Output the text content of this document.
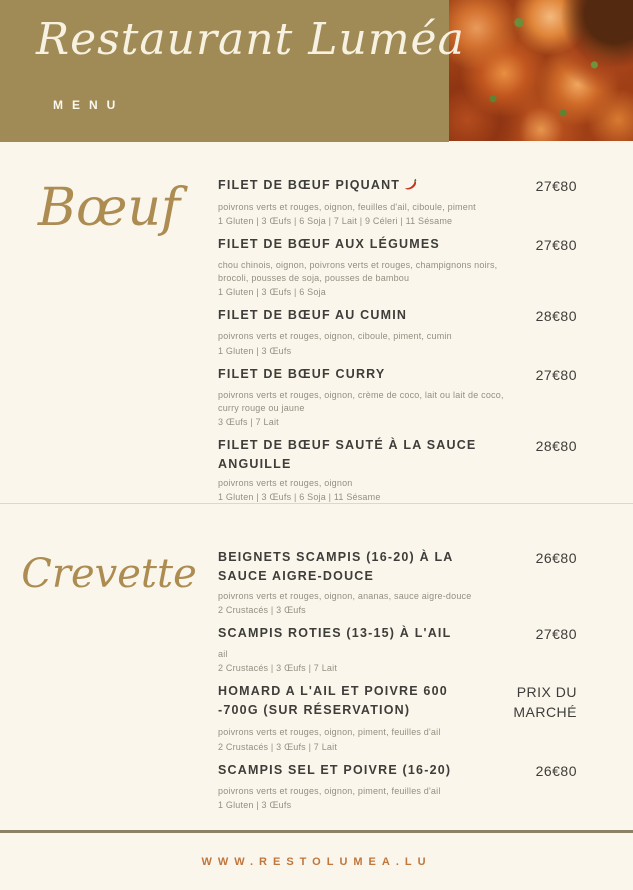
Restaurant Luméa
MENU
Bœuf	FILET DE BŒUF PIQUANT	27€80
poivrons verts et rouges, oignon, feuilles d'ail, ciboule, piment
1 Gluten | 3 Œufs | 6 Soja | 7 Lait | 9 Céleri | 11 Sésame
FILET DE BŒUF AUX LÉGUMES	27€80
chou chinois, oignon, poivrons verts et rouges, champignons noirs, brocoli, pousses de soja, pousses de bambou
1 Gluten | 3 Œufs | 6 Soja
FILET DE BŒUF AU CUMIN	28€80
poivrons verts et rouges, oignon, ciboule, piment, cumin
1 Gluten | 3 Œufs
FILET DE BŒUF CURRY	27€80
poivrons verts et rouges, oignon, crème de coco, lait ou lait de coco, curry rouge ou jaune
3 Œufs | 7 Lait
FILET DE BŒUF SAUTÉ À LA SAUCE ANGUILLE
28€80
poivrons verts et rouges, oignon
1 Gluten | 3 Œufs | 6 Soja | 11 Sésame
Crevette	BEIGNETS SCAMPIS (16-20) À LA SAUCE AIGRE-DOUCE
26€80
poivrons verts et rouges, oignon, ananas, sauce aigre-douce
2 Crustacés | 3 Œufs
SCAMPIS ROTIES (13-15) À L'AIL	27€80
ail
2 Crustacés | 3 Œufs | 7 Lait
HOMARD A L'AIL ET POIVRE 600 -700G (SUR RÉSERVATION)
PRIX DU MARCHÉ
poivrons verts et rouges, oignon, piment, feuilles d'ail
2 Crustacés | 3 Œufs | 7 Lait
SCAMPIS SEL ET POIVRE (16-20)	26€80
poivrons verts et rouges, oignon, piment, feuilles d'ail
1 Gluten | 3 Œufs
WWW.RESTOLUMEA.LU
